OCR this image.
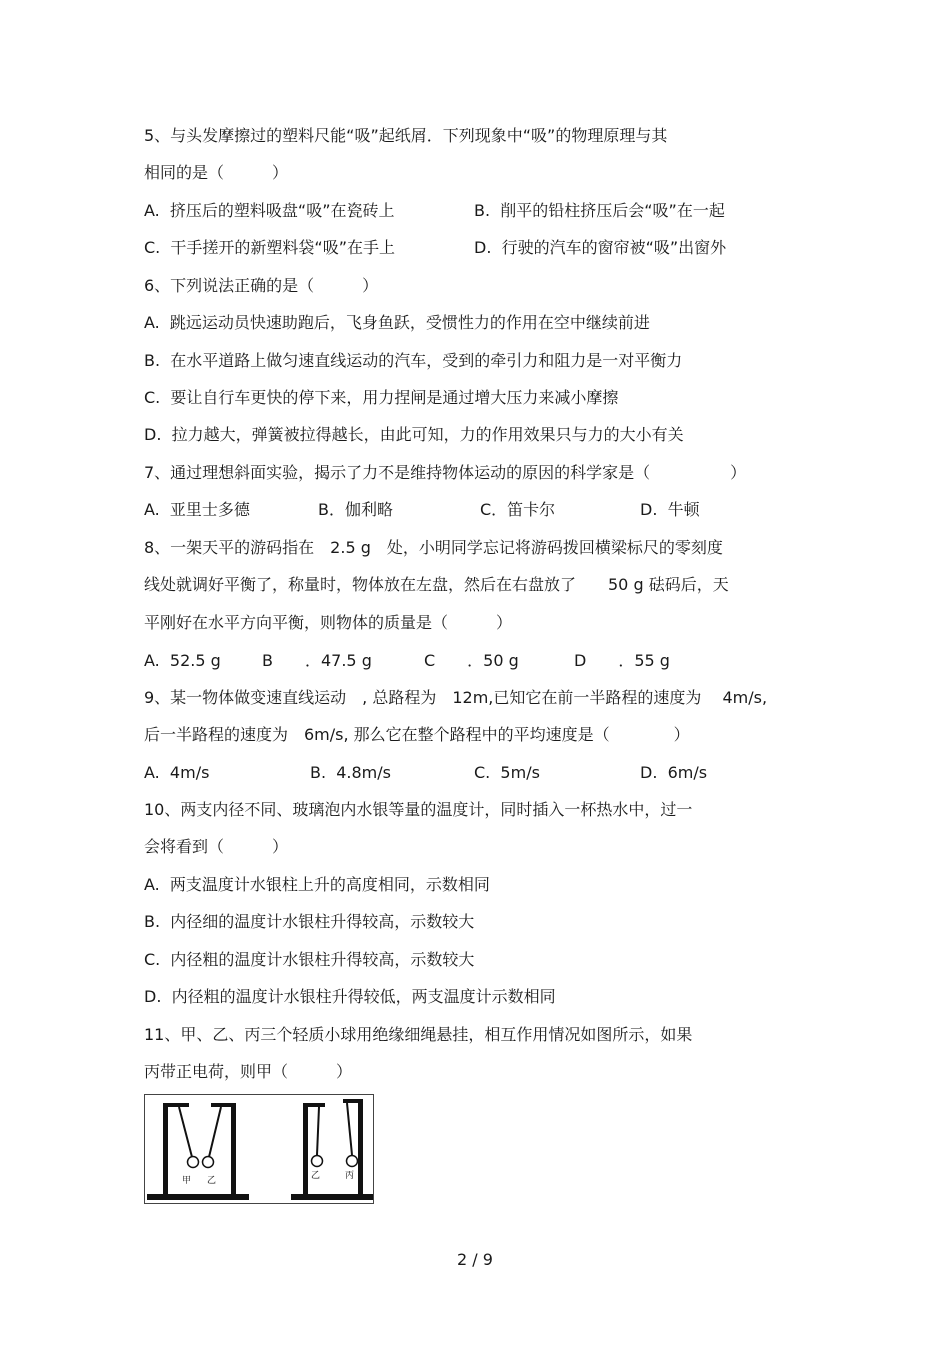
5、与头发摩擦过的塑料尺能“吸”起纸屑．下列现象中“吸”的物理原理与其
相同的是（　　　）
A.  挤压后的塑料吸盘“吸”在瓷砖上	B.  削平的铅柱挤压后会“吸”在一起
C.  干手搓开的新塑料袋“吸”在手上	D.  行驶的汽车的窗帘被“吸”出窗外
6、下列说法正确的是（　　　）
A.  跳远运动员快速助跑后，飞身鱼跃，受惯性力的作用在空中继续前进
B.  在水平道路上做匀速直线运动的汽车，受到的牵引力和阻力是一对平衡力
C.  要让自行车更快的停下来，用力捏闸是通过增大压力来减小摩擦
D.  拉力越大，弹簧被拉得越长，由此可知，力的作用效果只与力的大小有关
7、通过理想斜面实验，揭示了力不是维持物体运动的原因的科学家是（　　　　　）
A.  亚里士多德	B．伽利略	C．笛卡尔	D.  牛顿
8、一架天平的游码指在　2.5 g　处，小明同学忘记将游码拨回横梁标尺的零刻度
线处就调好平衡了，称量时，物体放在左盘，然后在右盘放了　　50 g 砝码后，天
平刚好在水平方向平衡，则物体的质量是（　　　）
A.  52.5 g	B　　．47.5 g	C　　．50 g	D　　．55 g
9、某一物体做变速直线运动　, 总路程为　12m,已知它在前一半路程的速度为　 4m/s,
后一半路程的速度为　6m/s, 那么它在整个路程中的平均速度是（　　　　）
A.  4m/s	B.  4.8m/s	C.  5m/s	D.  6m/s
10、两支内径不同、玻璃泡内水银等量的温度计，同时插入一杯热水中，过一
会将看到（　　　）
A.  两支温度计水银柱上升的高度相同，示数相同
B.  内径细的温度计水银柱升得较高，示数较大
C.  内径粗的温度计水银柱升得较高，示数较大
D.  内径粗的温度计水银柱升得较低，两支温度计示数相同
11、甲、乙、丙三个轻质小球用绝缘细绳悬挂，相互作用情况如图所示，如果
丙带正电荷，则甲（　　　）
甲 乙	乙	丙
2 / 9
